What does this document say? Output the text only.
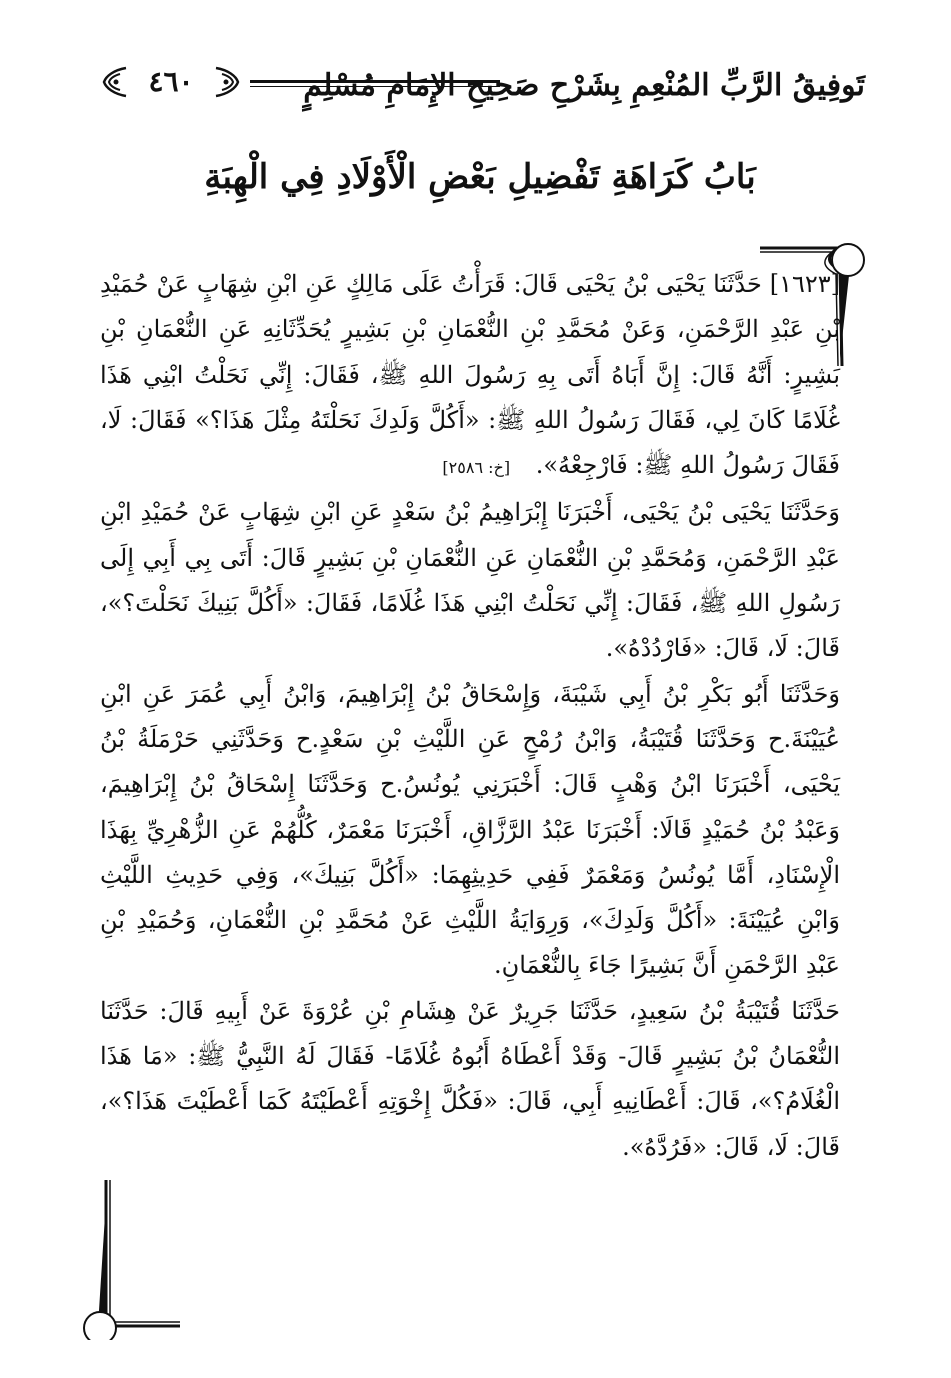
٤٦٠	تَوفِيقُ الرَّبِّ المُنْعِمِ بِشَرْحِ صَحِيحِ الإِمَامِ مُسْلِمٍ
بَابُ كَرَاهَةِ تَفْضِيلِ بَعْضِ الْأَوْلَادِ فِي الْهِبَةِ

[١٦٢٣] حَدَّثَنَا يَحْيَى بْنُ يَحْيَى قَالَ: قَرَأْتُ عَلَى مَالِكٍ عَنِ ابْنِ شِهَابٍ عَنْ حُمَيْدِ بْنِ عَبْدِ الرَّحْمَنِ، وَعَنْ مُحَمَّدِ بْنِ النُّعْمَانِ بْنِ بَشِيرٍ يُحَدِّثَانِهِ عَنِ النُّعْمَانِ بْنِ بَشِيرٍ: أَنَّهُ قَالَ: إِنَّ أَبَاهُ أَتَى بِهِ رَسُولَ اللهِ ﷺ، فَقَالَ: إِنِّي نَحَلْتُ ابْنِي هَذَا غُلَامًا كَانَ لِي، فَقَالَ رَسُولُ اللهِ ﷺ: «أَكُلَّ وَلَدِكَ نَحَلْتَهُ مِثْلَ هَذَا؟» فَقَالَ: لَا، فَقَالَ رَسُولُ اللهِ ﷺ: فَارْجِعْهُ». [خ: ٢٥٨٦]

وَحَدَّثَنَا يَحْيَى بْنُ يَحْيَى، أَخْبَرَنَا إِبْرَاهِيمُ بْنُ سَعْدٍ عَنِ ابْنِ شِهَابٍ عَنْ حُمَيْدِ ابْنِ عَبْدِ الرَّحْمَنِ، وَمُحَمَّدِ بْنِ النُّعْمَانِ عَنِ النُّعْمَانِ بْنِ بَشِيرٍ قَالَ: أَتَى بِي أَبِي إِلَى رَسُولِ اللهِ ﷺ، فَقَالَ: إِنِّي نَحَلْتُ ابْنِي هَذَا غُلَامًا، فَقَالَ: «أَكُلَّ بَنِيكَ نَحَلْتَ؟»، قَالَ: لَا، قَالَ: «فَارْدُدْهُ».

وَحَدَّثَنَا أَبُو بَكْرِ بْنُ أَبِي شَيْبَةَ، وَإِسْحَاقُ بْنُ إِبْرَاهِيمَ، وَابْنُ أَبِي عُمَرَ عَنِ ابْنِ عُيَيْنَةَ.ح وَحَدَّثَنَا قُتَيْبَةُ، وَابْنُ رُمْحٍ عَنِ اللَّيْثِ بْنِ سَعْدٍ.ح وَحَدَّثَنِي حَرْمَلَةُ بْنُ يَحْيَى، أَخْبَرَنَا ابْنُ وَهْبٍ قَالَ: أَخْبَرَنِي يُونُسُ.ح وَحَدَّثَنَا إِسْحَاقُ بْنُ إِبْرَاهِيمَ، وَعَبْدُ بْنُ حُمَيْدٍ قَالَا: أَخْبَرَنَا عَبْدُ الرَّزَّاقِ، أَخْبَرَنَا مَعْمَرٌ، كُلُّهُمْ عَنِ الزُّهْرِيِّ بِهَذَا الْإِسْنَادِ، أَمَّا يُونُسُ وَمَعْمَرٌ فَفِي حَدِيثِهِمَا: «أَكُلَّ بَنِيكَ»، وَفِي حَدِيثِ اللَّيْثِ وَابْنِ عُيَيْنَةَ: «أَكُلَّ وَلَدِكَ»، وَرِوَايَةُ اللَّيْثِ عَنْ مُحَمَّدِ بْنِ النُّعْمَانِ، وَحُمَيْدِ بْنِ عَبْدِ الرَّحْمَنِ أَنَّ بَشِيرًا جَاءَ بِالنُّعْمَانِ.

حَدَّثَنَا قُتَيْبَةُ بْنُ سَعِيدٍ، حَدَّثَنَا جَرِيرٌ عَنْ هِشَامِ بْنِ عُرْوَةَ عَنْ أَبِيهِ قَالَ: حَدَّثَنَا النُّعْمَانُ بْنُ بَشِيرٍ قَالَ- وَقَدْ أَعْطَاهُ أَبُوهُ غُلَامًا- فَقَالَ لَهُ النَّبِيُّ ﷺ: «مَا هَذَا الْغُلَامُ؟»، قَالَ: أَعْطَانِيهِ أَبِي، قَالَ: «فَكُلَّ إِخْوَتِهِ أَعْطَيْتَهُ كَمَا أَعْطَيْتَ هَذَا؟»، قَالَ: لَا، قَالَ: «فَرُدَّهُ».
